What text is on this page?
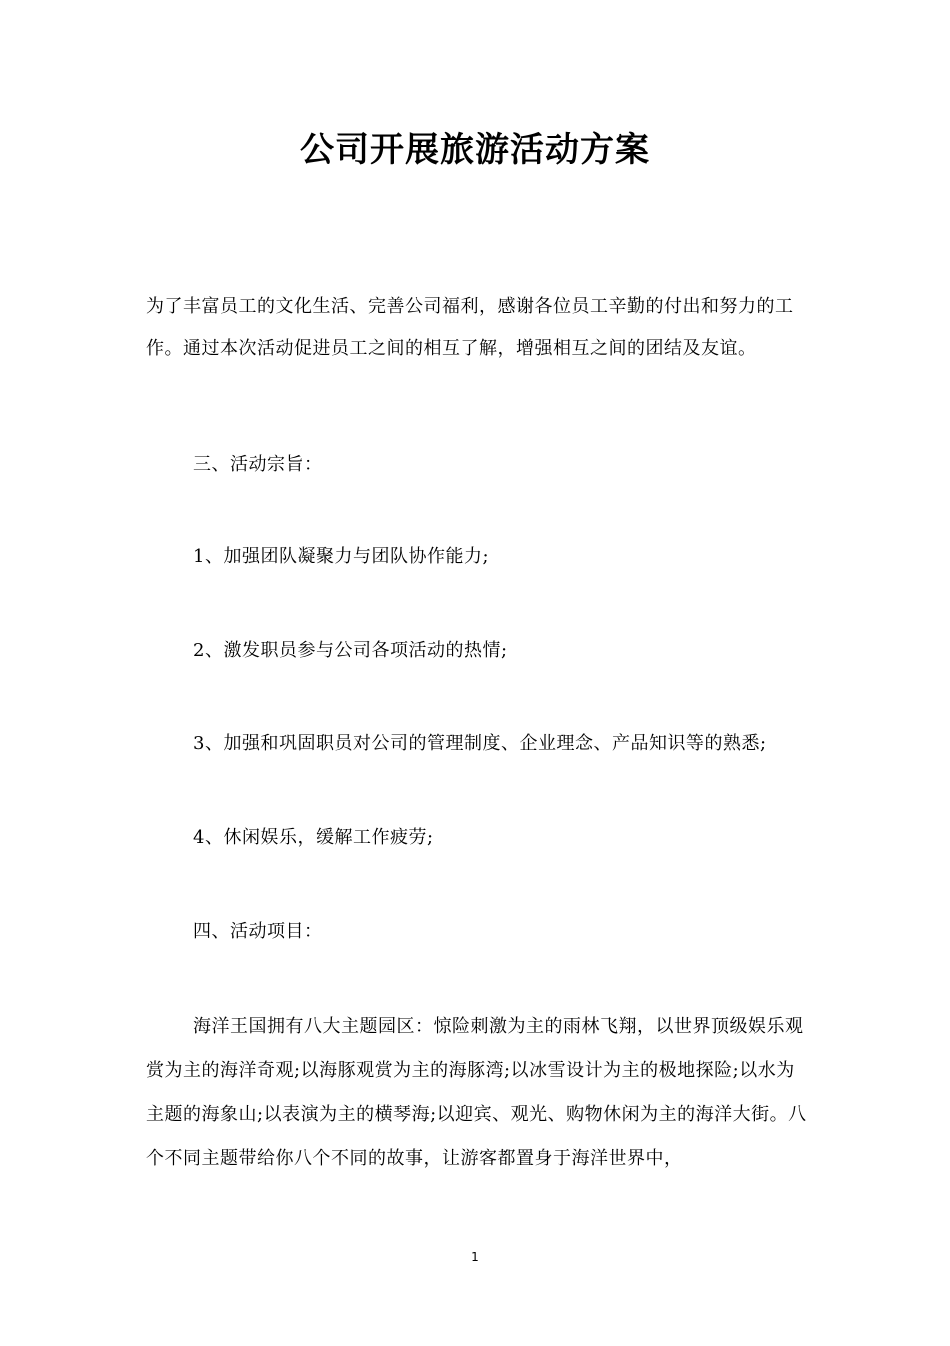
公司开展旅游活动方案
为了丰富员工的文化生活、完善公司福利，感谢各位员工辛勤的付出和努力的工作。通过本次活动促进员工之间的相互了解，增强相互之间的团结及友谊。
三、活动宗旨：
1、加强团队凝聚力与团队协作能力;
2、激发职员参与公司各项活动的热情;
3、加强和巩固职员对公司的管理制度、企业理念、产品知识等的熟悉;
4、休闲娱乐，缓解工作疲劳;
四、活动项目：
海洋王国拥有八大主题园区：惊险刺激为主的雨林飞翔，以世界顶级娱乐观赏为主的海洋奇观;以海豚观赏为主的海豚湾;以冰雪设计为主的极地探险;以水为主题的海象山;以表演为主的横琴海;以迎宾、观光、购物休闲为主的海洋大街。八个不同主题带给你八个不同的故事，让游客都置身于海洋世界中，
1
